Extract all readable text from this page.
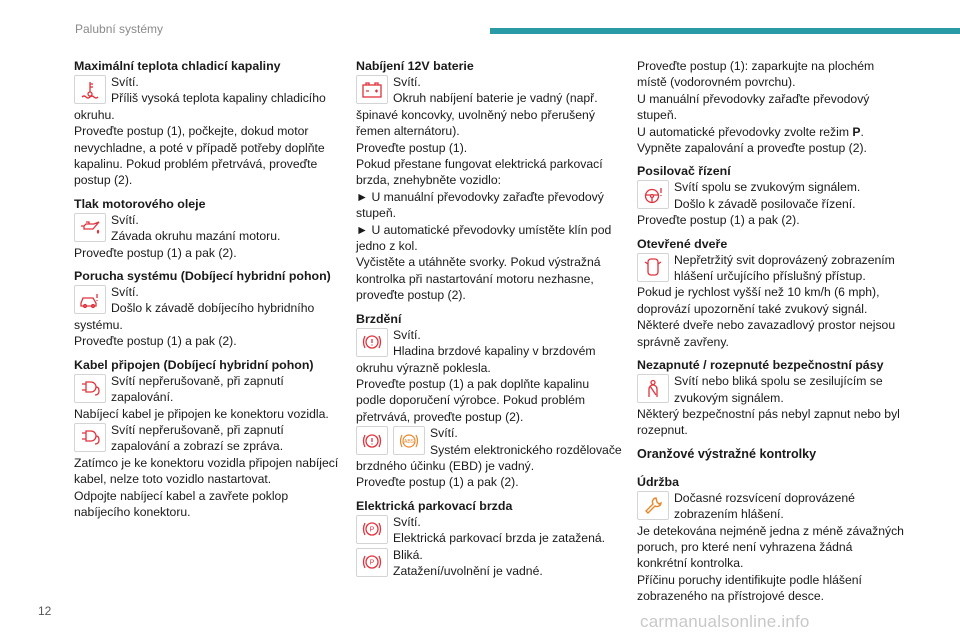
Palubní systémy
Maximální teplota chladicí kapaliny
Svítí.
Příliš vysoká teplota kapaliny chladicího okruhu.
Proveďte postup (1), počkejte, dokud motor nevychladne, a poté v případě potřeby doplňte kapalinu. Pokud problém přetrvává, proveďte postup (2).
Tlak motorového oleje
Svítí.
Závada okruhu mazání motoru.
Proveďte postup (1) a pak (2).
Porucha systému (Dobíjecí hybridní pohon)
Svítí.
Došlo k závadě dobíjecího hybridního systému.
Proveďte postup (1) a pak (2).
Kabel připojen (Dobíjecí hybridní pohon)
Svítí nepřerušovaně, při zapnutí zapalování.
Nabíjecí kabel je připojen ke konektoru vozidla.
Svítí nepřerušovaně, při zapnutí zapalování a zobrazí se zpráva.
Zatímco je ke konektoru vozidla připojen nabíjecí kabel, nelze toto vozidlo nastartovat.
Odpojte nabíjecí kabel a zavřete poklop nabíjecího konektoru.
Nabíjení 12V baterie
Svítí.
Okruh nabíjení baterie je vadný (např. špinavé koncovky, uvolněný nebo přerušený řemen alternátoru).
Proveďte postup (1).
Pokud přestane fungovat elektrická parkovací brzda, znehybněte vozidlo:
► U manuální převodovky zařaďte převodový stupeň.
► U automatické převodovky umístěte klín pod jedno z kol.
Vyčistěte a utáhněte svorky. Pokud výstražná kontrolka při nastartování motoru nezhasne, proveďte postup (2).
Brzdění
Svítí.
Hladina brzdové kapaliny v brzdovém okruhu výrazně poklesla.
Proveďte postup (1) a pak doplňte kapalinu podle doporučení výrobce. Pokud problém přetrvává, proveďte postup (2).
ABS
Svítí.
Systém elektronického rozdělovače brzdného účinku (EBD) je vadný.
Proveďte postup (1) a pak (2).
Elektrická parkovací brzda
P
Svítí.
Elektrická parkovací brzda je zatažená.
P
Bliká.
Zatažení/uvolnění je vadné.
Proveďte postup (1): zaparkujte na plochém místě (vodorovném povrchu).
U manuální převodovky zařaďte převodový stupeň.
U automatické převodovky zvolte režim P.
Vypněte zapalování a proveďte postup (2).
Posilovač řízení
Svítí spolu se zvukovým signálem.
Došlo k závadě posilovače řízení.
Proveďte postup (1) a pak (2).
Otevřené dveře
Nepřetržitý svit doprovázený zobrazením hlášení určujícího příslušný přístup.
Pokud je rychlost vyšší než 10 km/h (6 mph), doprovází upozornění také zvukový signál.
Některé dveře nebo zavazadlový prostor nejsou správně zavřeny.
Nezapnuté / rozepnuté bezpečnostní pásy
Svítí nebo bliká spolu se zesilujícím se zvukovým signálem.
Některý bezpečnostní pás nebyl zapnut nebo byl rozepnut.
Oranžové výstražné kontrolky
Údržba
Dočasné rozsvícení doprovázené zobrazením hlášení.
Je detekována nejméně jedna z méně závažných poruch, pro které není vyhrazena žádná konkrétní kontrolka.
Příčinu poruchy identifikujte podle hlášení zobrazeného na přístrojové desce.
12
carmanualsonline.info
